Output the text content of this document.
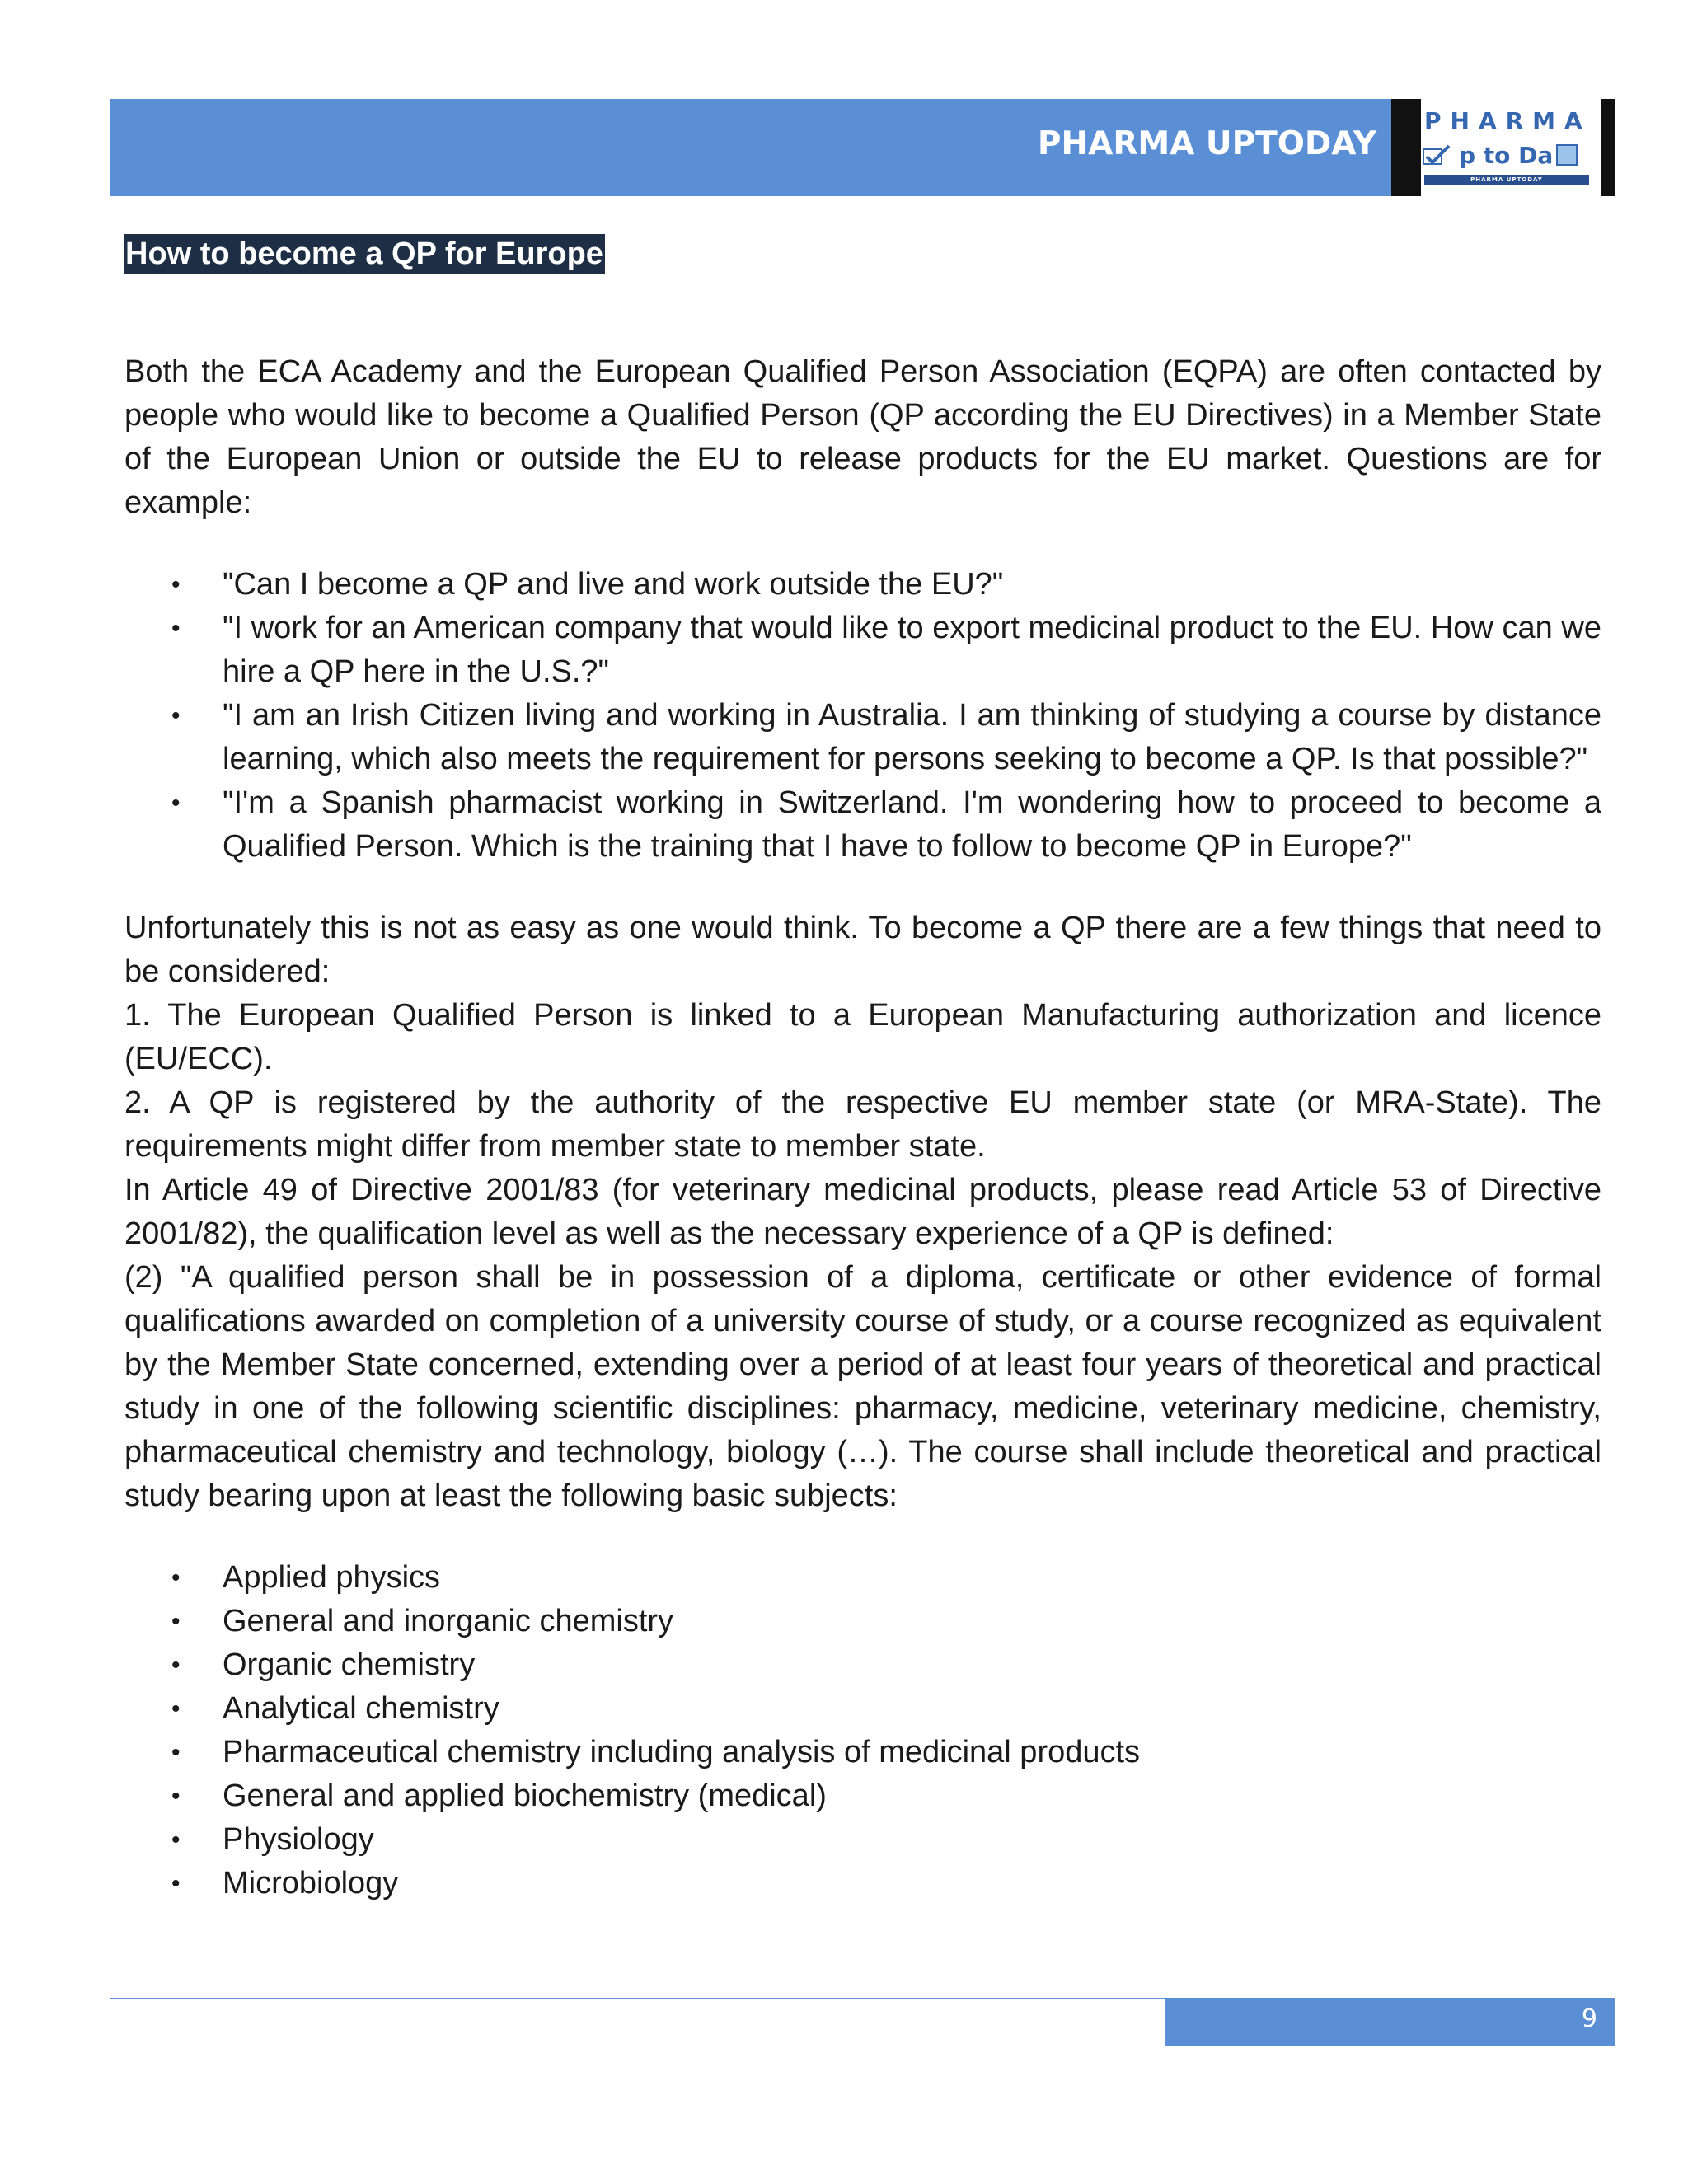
PHARMA UPTODAY
PHARMA
p to Da
PHARMA UPTODAY
How to become a QP for Europe

Both the ECA Academy and the European Qualified Person Association (EQPA) are often contacted by people who would like to become a Qualified Person (QP according the EU Directives) in a Member State of the European Union or outside the EU to release products for the EU market. Questions are for example:

• "Can I become a QP and live and work outside the EU?"
• "I work for an American company that would like to export medicinal product to the EU. How can we hire a QP here in the U.S.?"
• "I am an Irish Citizen living and working in Australia. I am thinking of studying a course by distance learning, which also meets the requirement for persons seeking to become a QP. Is that possible?"
• "I'm a Spanish pharmacist working in Switzerland. I'm wondering how to proceed to become a Qualified Person. Which is the training that I have to follow to become QP in Europe?"

Unfortunately this is not as easy as one would think. To become a QP there are a few things that need to be considered:

1. The European Qualified Person is linked to a European Manufacturing authorization and licence (EU/ECC).

2. A QP is registered by the authority of the respective EU member state (or MRA-State). The requirements might differ from member state to member state.

In Article 49 of Directive 2001/83 (for veterinary medicinal products, please read Article 53 of Directive 2001/82), the qualification level as well as the necessary experience of a QP is defined:

(2) "A qualified person shall be in possession of a diploma, certificate or other evidence of formal qualifications awarded on completion of a university course of study, or a course recognized as equivalent by the Member State concerned, extending over a period of at least four years of theoretical and practical study in one of the following scientific disciplines: pharmacy, medicine, veterinary medicine, chemistry, pharmaceutical chemistry and technology, biology (…). The course shall include theoretical and practical study bearing upon at least the following basic subjects:

• Applied physics
• General and inorganic chemistry
• Organic chemistry
• Analytical chemistry
• Pharmaceutical chemistry including analysis of medicinal products
• General and applied biochemistry (medical)
• Physiology
• Microbiology
9
